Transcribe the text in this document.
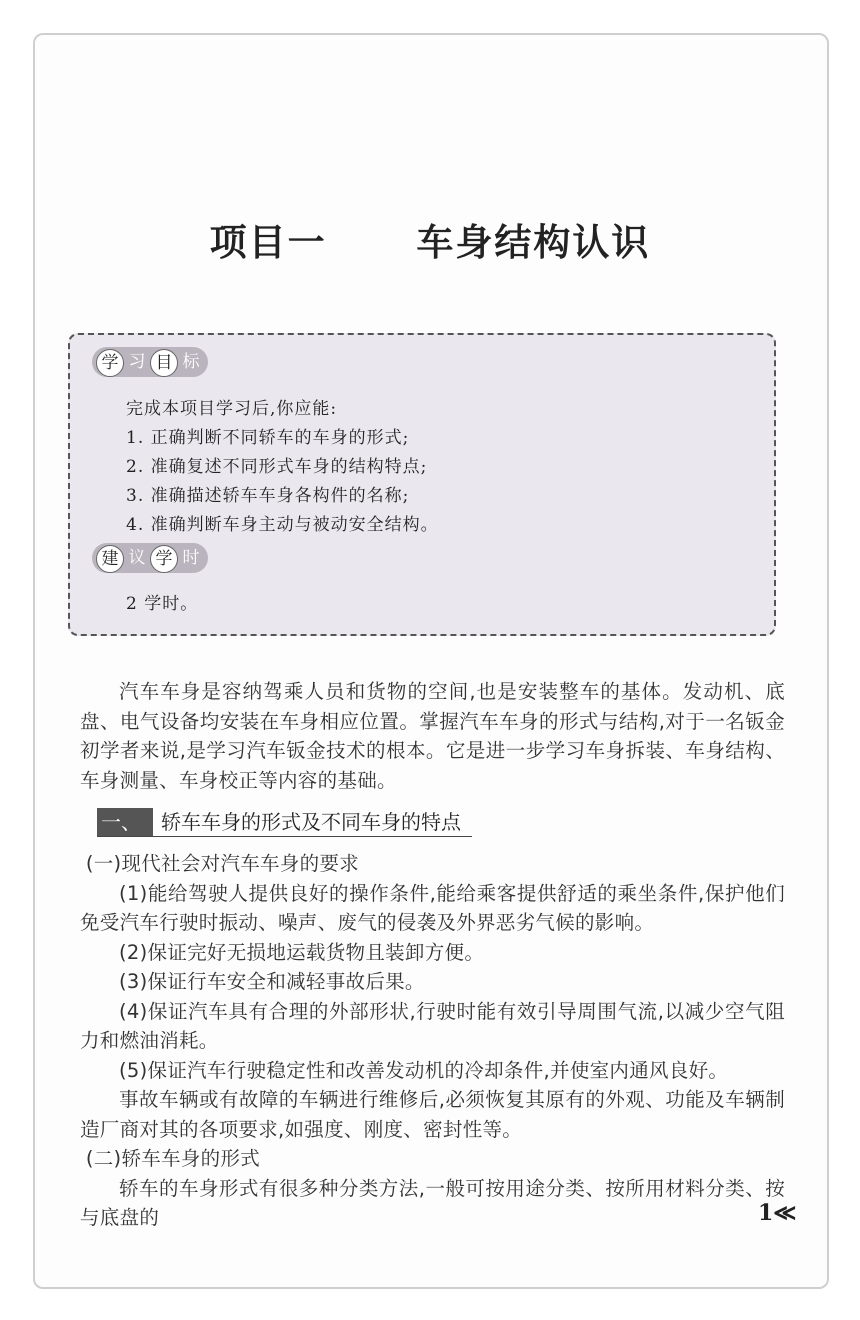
项目一  车身结构认识
学 习 目 标
完成本项目学习后,你应能:
1. 正确判断不同轿车的车身的形式;
2. 准确复述不同形式车身的结构特点;
3. 准确描述轿车车身各构件的名称;
4. 准确判断车身主动与被动安全结构。
建 议 学 时
2 学时。

汽车车身是容纳驾乘人员和货物的空间,也是安装整车的基体。发动机、底盘、电气设备均安装在车身相应位置。掌握汽车车身的形式与结构,对于一名钣金初学者来说,是学习汽车钣金技术的根本。它是进一步学习车身拆装、车身结构、车身测量、车身校正等内容的基础。

一、	轿车车身的形式及不同车身的特点

(一)现代社会对汽车车身的要求

(1)能给驾驶人提供良好的操作条件,能给乘客提供舒适的乘坐条件,保护他们免受汽车行驶时振动、噪声、废气的侵袭及外界恶劣气候的影响。

(2)保证完好无损地运载货物且装卸方便。

(3)保证行车安全和减轻事故后果。

(4)保证汽车具有合理的外部形状,行驶时能有效引导周围气流,以减少空气阻力和燃油消耗。

(5)保证汽车行驶稳定性和改善发动机的冷却条件,并使室内通风良好。

事故车辆或有故障的车辆进行维修后,必须恢复其原有的外观、功能及车辆制造厂商对其的各项要求,如强度、刚度、密封性等。

(二)轿车车身的形式

轿车的车身形式有很多种分类方法,一般可按用途分类、按所用材料分类、按与底盘的	1≪
